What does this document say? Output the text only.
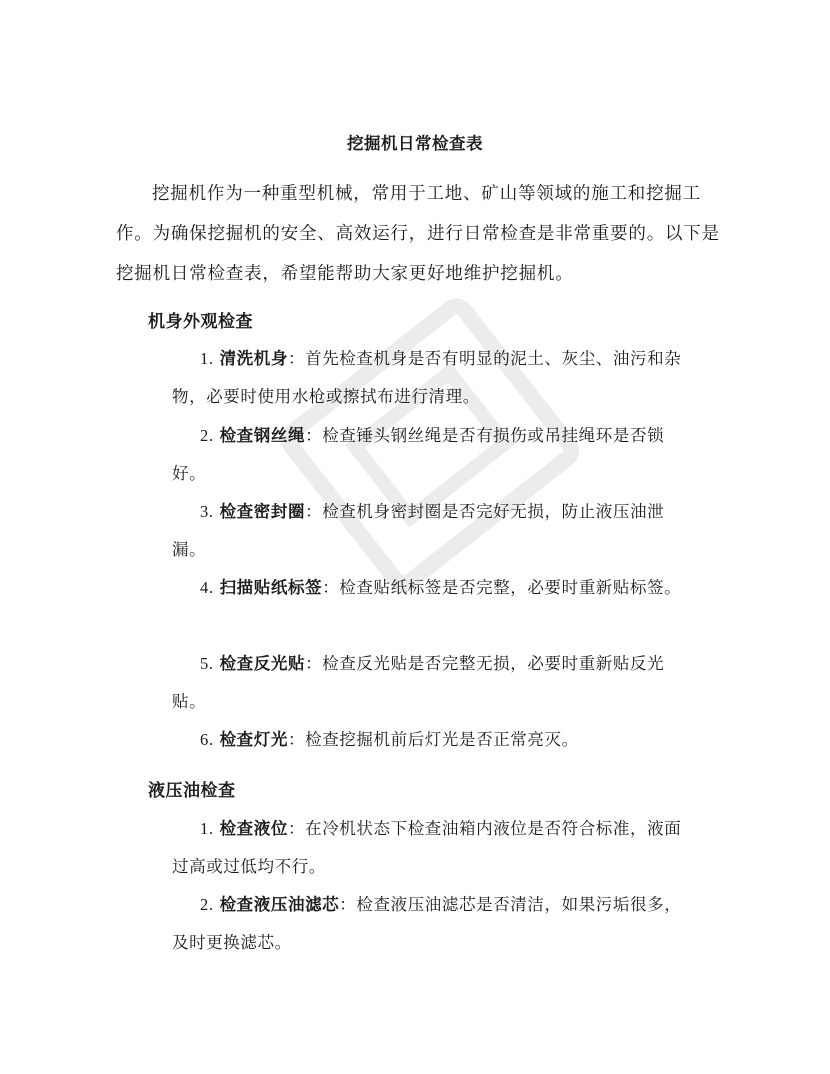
挖掘机日常检查表

挖掘机作为一种重型机械，常用于工地、矿山等领域的施工和挖掘工作。为确保挖掘机的安全、高效运行，进行日常检查是非常重要的。以下是挖掘机日常检查表，希望能帮助大家更好地维护挖掘机。

机身外观检查

1. 清洗机身：首先检查机身是否有明显的泥土、灰尘、油污和杂物，必要时使用水枪或擦拭布进行清理。

2. 检查钢丝绳：检查锤头钢丝绳是否有损伤或吊挂绳环是否锁好。

3. 检查密封圈：检查机身密封圈是否完好无损，防止液压油泄漏。

4. 扫描贴纸标签：检查贴纸标签是否完整，必要时重新贴标签。

5. 检查反光贴：检查反光贴是否完整无损，必要时重新贴反光贴。

6. 检查灯光：检查挖掘机前后灯光是否正常亮灭。

液压油检查

1. 检查液位：在冷机状态下检查油箱内液位是否符合标准，液面过高或过低均不行。

2. 检查液压油滤芯：检查液压油滤芯是否清洁，如果污垢很多，及时更换滤芯。
